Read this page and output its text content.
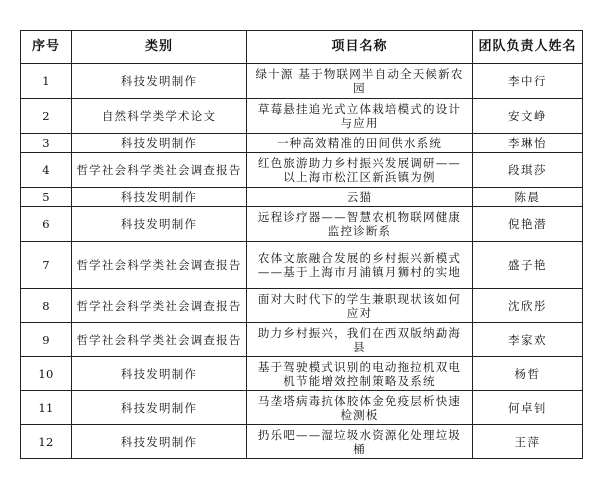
序号	类别	项目名称	团队负责人姓名
1	科技发明制作	绿十源 基于物联网半自动全天候新农园	李中行
2	自然科学类学术论文	草莓悬挂追光式立体栽培模式的设计与应用	安文峥
3	科技发明制作	一种高效精准的田间供水系统	李琳怡
4	哲学社会科学类社会调查报告	红色旅游助力乡村振兴发展调研——以上海市松江区新浜镇为例	段琪莎
5	科技发明制作	云猫	陈晨
6	科技发明制作	远程诊疗器——智慧农机物联网健康监控诊断系	倪艳潜
7	哲学社会科学类社会调查报告	农体文旅融合发展的乡村振兴新模式——基于上海市月浦镇月狮村的实地	盛子艳
8	哲学社会科学类社会调查报告	面对大时代下的学生兼职现状该如何应对	沈欣彤
9	哲学社会科学类社会调查报告	助力乡村振兴，我们在西双版纳勐海县	李家欢
10	科技发明制作	基于驾驶模式识别的电动拖拉机双电机节能增效控制策略及系统	杨哲
11	科技发明制作	马垄塔病毒抗体胶体金免疫层析快速检测板	何卓钊
12	科技发明制作	扔乐吧——湿垃圾水资源化处理垃圾桶	王萍
